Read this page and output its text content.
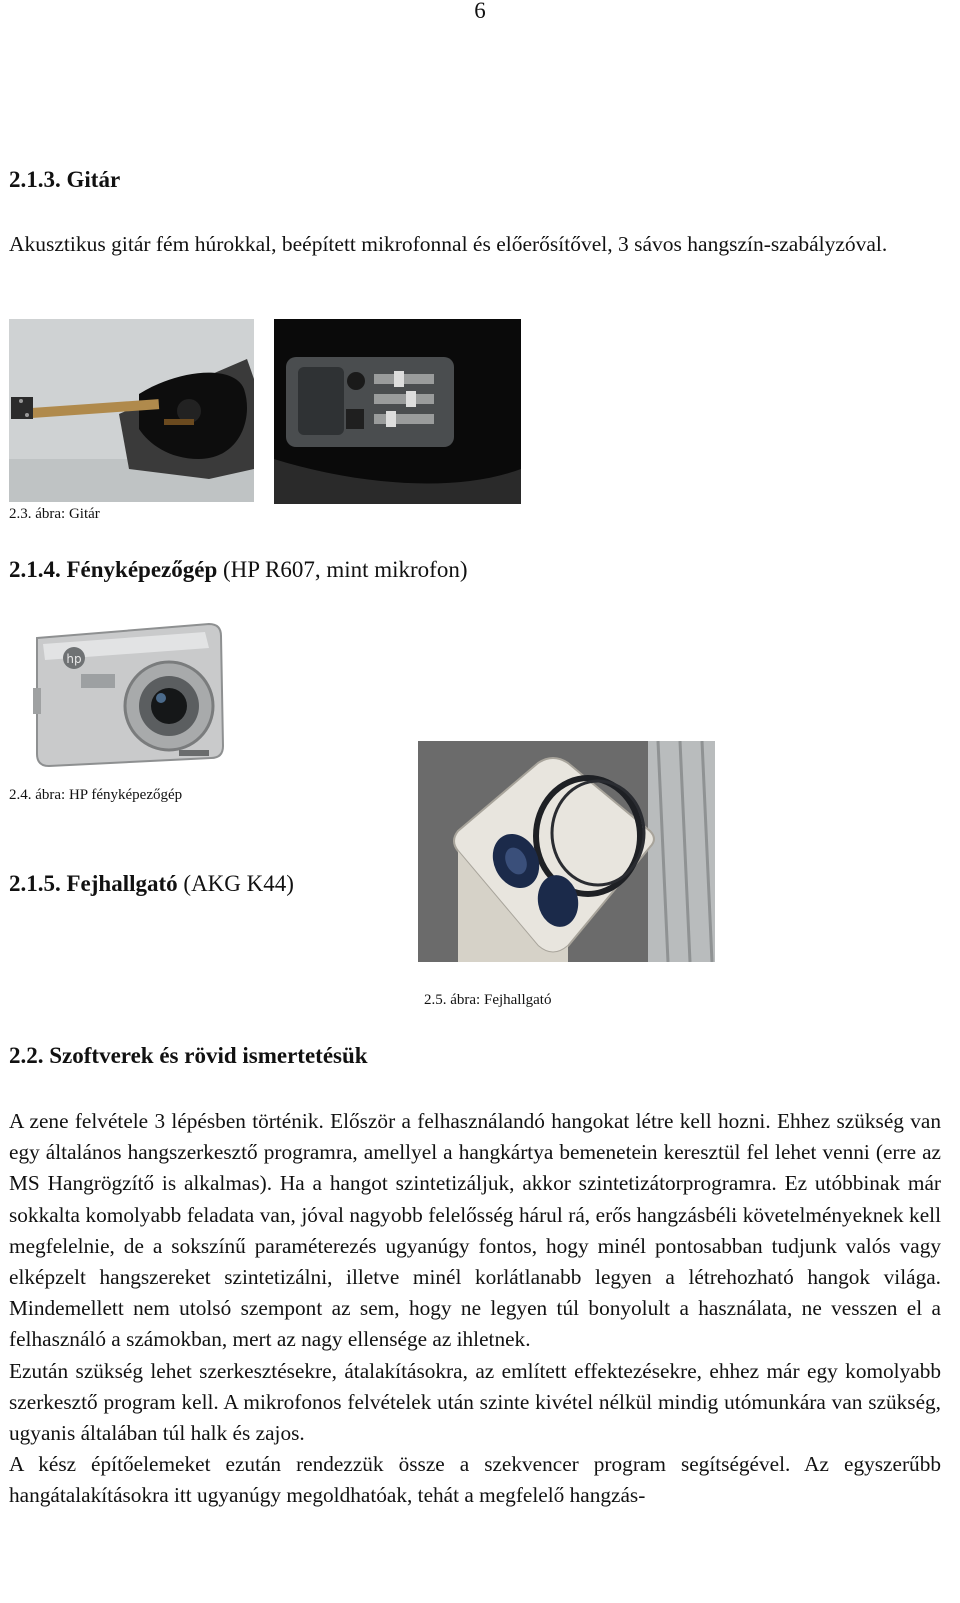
6
2.1.3. Gitár
Akusztikus gitár fém húrokkal, beépített mikrofonnal és előerősítővel, 3 sávos hangszín-szabályzóval.
2.3. ábra: Gitár
2.1.4. Fényképezőgép (HP R607, mint mikrofon)
hp
2.4. ábra: HP fényképezőgép
2.1.5. Fejhallgató (AKG K44)
2.5. ábra: Fejhallgató
2.2. Szoftverek és rövid ismertetésük

A zene felvétele 3 lépésben történik. Először a felhasználandó hangokat létre kell hozni. Ehhez szükség van egy általános hangszerkesztő programra, amellyel a hangkártya bemenetein keresztül fel lehet venni (erre az MS Hangrögzítő is alkalmas). Ha a hangot szintetizáljuk, akkor szintetizátorprogramra. Ez utóbbinak már sokkalta komolyabb feladata van, jóval nagyobb felelősség hárul rá, erős hangzásbéli követelményeknek kell megfelelnie, de a sokszínű paraméterezés ugyanúgy fontos, hogy minél pontosabban tudjunk valós vagy elképzelt hangszereket szintetizálni, illetve minél korlátlanabb legyen a létrehozható hangok világa. Mindemellett nem utolsó szempont az sem, hogy ne legyen túl bonyolult a használata, ne vesszen el a felhasználó a számokban, mert az nagy ellensége az ihletnek.

Ezután szükség lehet szerkesztésekre, átalakításokra, az említett effektezésekre, ehhez már egy komolyabb szerkesztő program kell. A mikrofonos felvételek után szinte kivétel nélkül mindig utómunkára van szükség, ugyanis általában túl halk és zajos.

A kész építőelemeket ezután rendezzük össze a szekvencer program segítségével. Az egyszerűbb hangátalakításokra itt ugyanúgy megoldhatóak, tehát a megfelelő hangzás-
